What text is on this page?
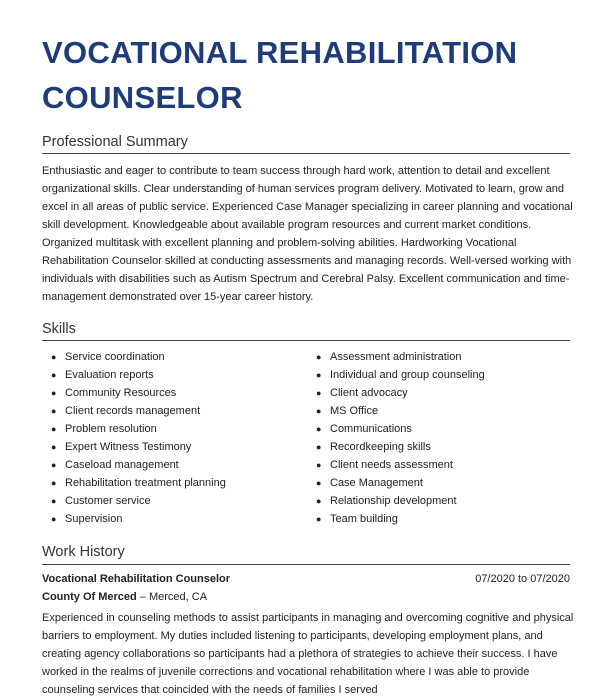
VOCATIONAL REHABILITATION
COUNSELOR
Professional Summary

Enthusiastic and eager to contribute to team success through hard work, attention to detail and excellent organizational skills. Clear understanding of human services program delivery. Motivated to learn, grow and excel in all areas of public service. Experienced Case Manager specializing in career planning and vocational skill development. Knowledgeable about available program resources and current market conditions. Organized multitask with excellent planning and problem-solving abilities. Hardworking Vocational Rehabilitation Counselor skilled at conducting assessments and managing records. Well-versed working with individuals with disabilities such as Autism Spectrum and Cerebral Palsy. Excellent communication and time-management demonstrated over 15-year career history.

Skills
● Service coordination
● Evaluation reports
● Community Resources
● Client records management
● Problem resolution
● Expert Witness Testimony
● Caseload management
● Rehabilitation treatment planning
● Customer service
● Supervision
● Assessment administration
● Individual and group counseling
● Client advocacy
● MS Office
● Communications
● Recordkeeping skills
● Client needs assessment
● Case Management
● Relationship development
● Team building
Work History
Vocational Rehabilitation Counselor	07/2020 to 07/2020
County Of Merced – Merced, CA

Experienced in counseling methods to assist participants in managing and overcoming cognitive and physical barriers to employment. My duties included listening to participants, developing employment plans, and creating agency collaborations so participants had a plethora of strategies to achieve their success. I have worked in the realms of juvenile corrections and vocational rehabilitation where I was able to provide counseling services that coincided with the needs of families I served
